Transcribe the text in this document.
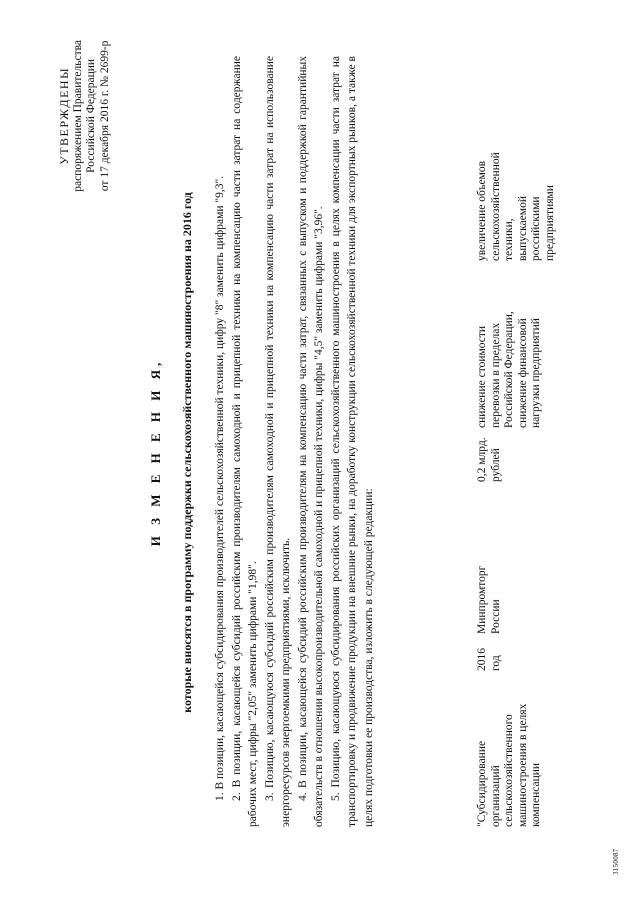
УТВЕРЖДЕНЫ распоряжением Правительства Российской Федерации от 17 декабря 2016 г. № 2699-р
И З М Е Н Е Н И Я, которые вносятся в программу поддержки сельскохозяйственного машиностроения на 2016 год 1. В позиции, касающейся субсидирования производителей сельскохозяйственной техники, цифру "8" заменить цифрами "9,3". 2. В позиции, касающейся субсидий российским производителям самоходной и прицепной техники на компенсацию части затрат на содержание рабочих мест, цифры "2,05" заменить цифрами "1,98". 3. Позицию, касающуюся субсидий российским производителям самоходной и прицепной техники на компенсацию части затрат на использование энергоресурсов энергоемкими предприятиями, исключить. 4. В позиции, касающейся субсидий российским производителям на компенсацию части затрат, связанных с выпуском и поддержкой гарантийных обязательств в отношении высокопроизводительной самоходной и прицепной техники, цифры "4,5" заменить цифрами "3,96". 5. Позицию, касающуюся субсидирования российских организаций сельскохозяйственного машиностроения в целях компенсации части затрат на транспортировку и продвижение продукции на внешние рынки, на доработку конструкции сельскохозяйственной техники для экспортных рынков, а также в целях подготовки ее производства, изложить в следующей редакции:	"Субсидирование организаций сельскохозяйственного машиностроения в целях компенсации
2016 год
Минпромторг России
0,2 млрд. рублей
снижение стоимости перевозки в пределах Российской Федерации, снижение финансовой нагрузки предприятий
увеличение объемов сельскохозяйственной техники, выпускаемой российскими предприятиями
3150087
